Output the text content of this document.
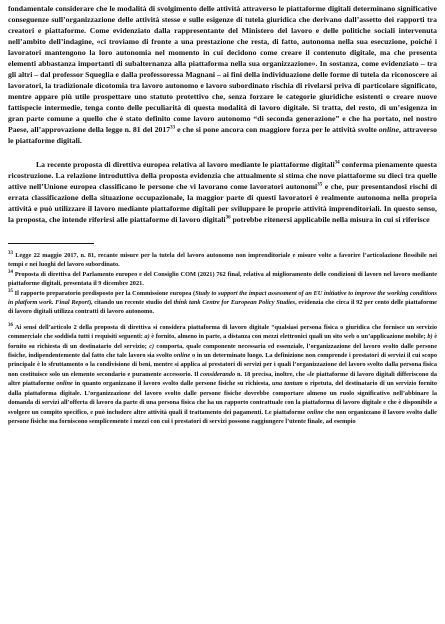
fondamentale considerare che le modalità di svolgimento delle attività attraverso le piattaforme digitali determinano significative conseguenze sull’organizzazione delle attività stesse e sulle esigenze di tutela giuridica che derivano dall’assetto dei rapporti tra creatori e piattaforme. Come evidenziato dalla rappresentante del Ministero del lavoro e delle politiche sociali intervenuta nell’ambito dell’indagine, «ci troviamo di fronte a una prestazione che resta, di fatto, autonoma nella sua esecuzione, poiché i lavoratori mantengono la loro autonomia nel momento in cui decidono come creare il contenuto digitale, ma che presenta elementi abbastanza importanti di subalternanza alla piattaforma nella sua organizzazione». In sostanza, come evidenziato – tra gli altri – dal professor Squeglia e dalla professoressa Magnani – ai fini della individuazione delle forme di tutela da riconoscere ai lavoratori, la tradizionale dicotomia tra lavoro autonomo e lavoro subordinato rischia di rivelarsi priva di particolare significato, mentre appare più utile prospettare uno statuto protettivo che, senza forzare le categorie giuridiche esistenti o creare nuove fattispecie intermedie, tenga conto delle peculiarità di questa modalità di lavoro digitale. Si tratta, del resto, di un’esigenza in gran parte comune a quello che è stato definito come lavoro autonomo “di seconda generazione” e che ha portato, nel nostro Paese, all’approvazione della legge n. 81 del 2017$^{33}$ e che si pone ancora con maggiore forza per le attività svolte online, attraverso le piattaforme digitali.

La recente proposta di direttiva europea relativa al lavoro mediante le piattaforme digitali$^{34}$ conferma pienamente questa ricostruzione. La relazione introduttiva della proposta evidenzia che attualmente si stima che nove piattaforme su dieci tra quelle attive nell’Unione europea classificano le persone che vi lavorano come lavoratori autonomi$^{35}$ e che, pur presentandosi rischi di errata classificazione della situazione occupazionale, la maggior parte di questi lavoratori è realmente autonoma nella propria attività e può utilizzare il lavoro mediante piattaforme digitali per sviluppare le proprie attività imprenditoriali. In questo senso, la proposta, che intende riferirsi alle piattaforme di lavoro digitali$^{36}$ potrebbe ritenersi applicabile nella misura in cui si riferisce

$^{33}$ Legge 22 maggio 2017, n. 81, recante misure per la tutela del lavoro autonomo non imprenditoriale e misure volte a favorire l’articolazione flessibile nei tempi e nei luoghi del lavoro subordinato.

$^{34}$ Proposta di direttiva del Parlamento europeo e del Consiglio COM (2021) 762 final, relativa al miglioramento delle condizioni di lavoro nel lavoro mediante piattaforme digitali, presentata il 9 dicembre 2021.

$^{35}$ Il rapporto preparatorio predisposto per la Commissione europea (Study to support the impact assessment of an EU initiative to improve the working conditions in platform work. Final Report), citando un recente studio del think tank Centre for European Policy Studies, evidenzia che circa il 92 per cento delle piattaforme di lavoro digitali utilizza contratti di lavoro autonomo.

$^{36}$ Ai sensi dell’articolo 2 della proposta di direttiva si considera piattaforma di lavoro digitale “qualsiasi persona fisica o giuridica che fornisce un servizio commerciale che soddisfa tutti i requisiti seguenti: a) è fornito, almeno in parte, a distanza con mezzi elettronici quali un sito web o un’applicazione mobile; b) è fornito su richiesta di un destinatario del servizio; c) comporta, quale componente necessaria ed essenziale, l’organizzazione del lavoro svolto dalle persone fisiche, indipendentemente dal fatto che tale lavoro sia svolto online o in un determinato luogo. La definizione non comprende i prestatori di servizi il cui scopo principale è lo sfruttamento o la condivisione di beni, mentre si applica ai prestatori di servizi per i quali l’organizzazione del lavoro svolto dalla persona fisica non costituisce solo un elemento secondario e puramente accessorio. Il considerando n. 18 precisa, inoltre, che «le piattaforme di lavoro digitali differiscono da altre piattaforme online in quanto organizzano il lavoro svolto dalle persone fisiche su richiesta, una tantum o ripetuta, del destinatario di un servizio fornito dalla piattaforma digitale. L’organizzazione del lavoro svolto dalle persone fisiche dovrebbe comportare almeno un ruolo significativo nell’abbinare la domanda di servizi all’offerta di lavoro da parte di una persona fisica che ha un rapporto contrattuale con la piattaforma di lavoro digitale e che è disponibile a svolgere un compito specifico, e può includere altre attività quali il trattamento dei pagamenti. Le piattaforme online che non organizzano il lavoro svolto dalle persone fisiche ma forniscono semplicemente i mezzi con cui i prestatori di servizi possono raggiungere l’utente finale, ad esempio
